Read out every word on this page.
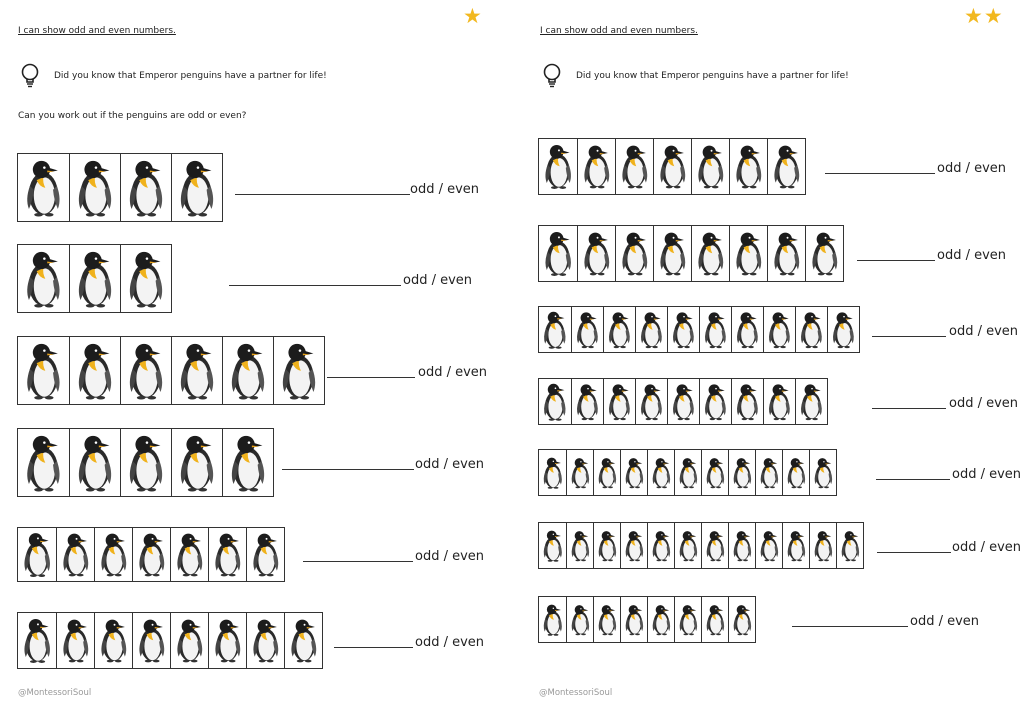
I can show odd and even numbers.
★
Did you know that Emperor penguins have a partner for life!
Can you work out if the penguins are odd or even?
odd / even
odd / even
odd / even
odd / even
odd / even
odd / even
@MontessoriSoul
I can show odd and even numbers.
★★
Did you know that Emperor penguins have a partner for life!
odd / even
odd / even
odd / even
odd / even
odd / even
odd / even
odd / even
@MontessoriSoul
